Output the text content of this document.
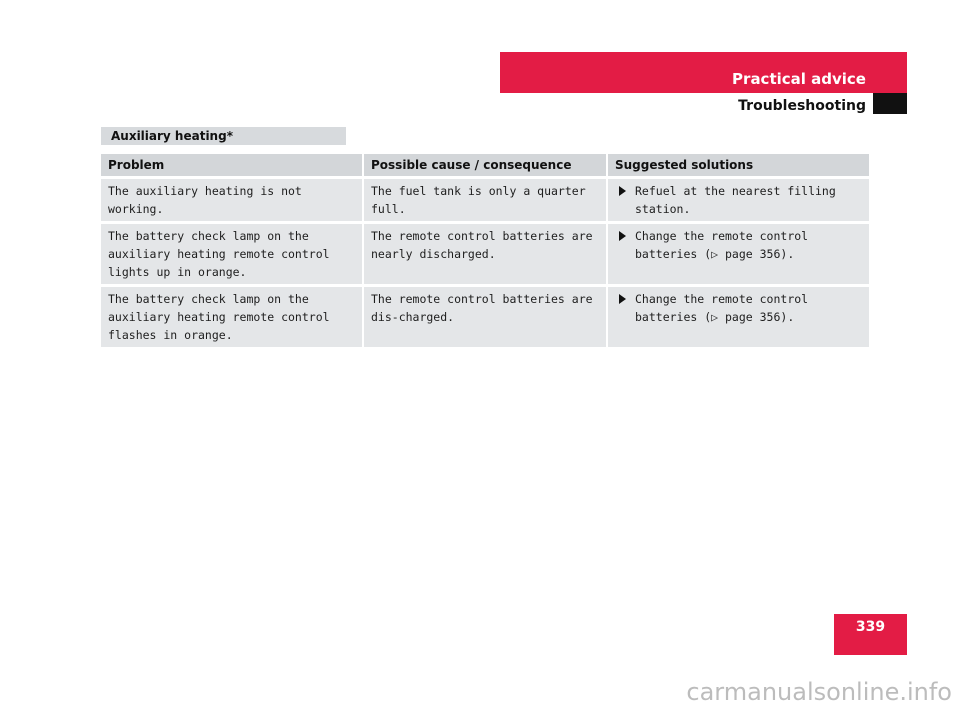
Practical advice
Troubleshooting
Auxiliary heating*
Problem	Possible cause / consequence	Suggested solutions
The auxiliary heating is not working.	The fuel tank is only a quarter full.	Refuel at the nearest filling station.

The battery check lamp on the auxiliary heating remote control lights up in orange.	The remote control batteries are nearly discharged.	Change the remote control batteries (▷ page 356).

The battery check lamp on the auxiliary heating remote control flashes in orange.	The remote control batteries are dis-charged.	Change the remote control batteries (▷ page 356).
339
carmanualsonline.info
